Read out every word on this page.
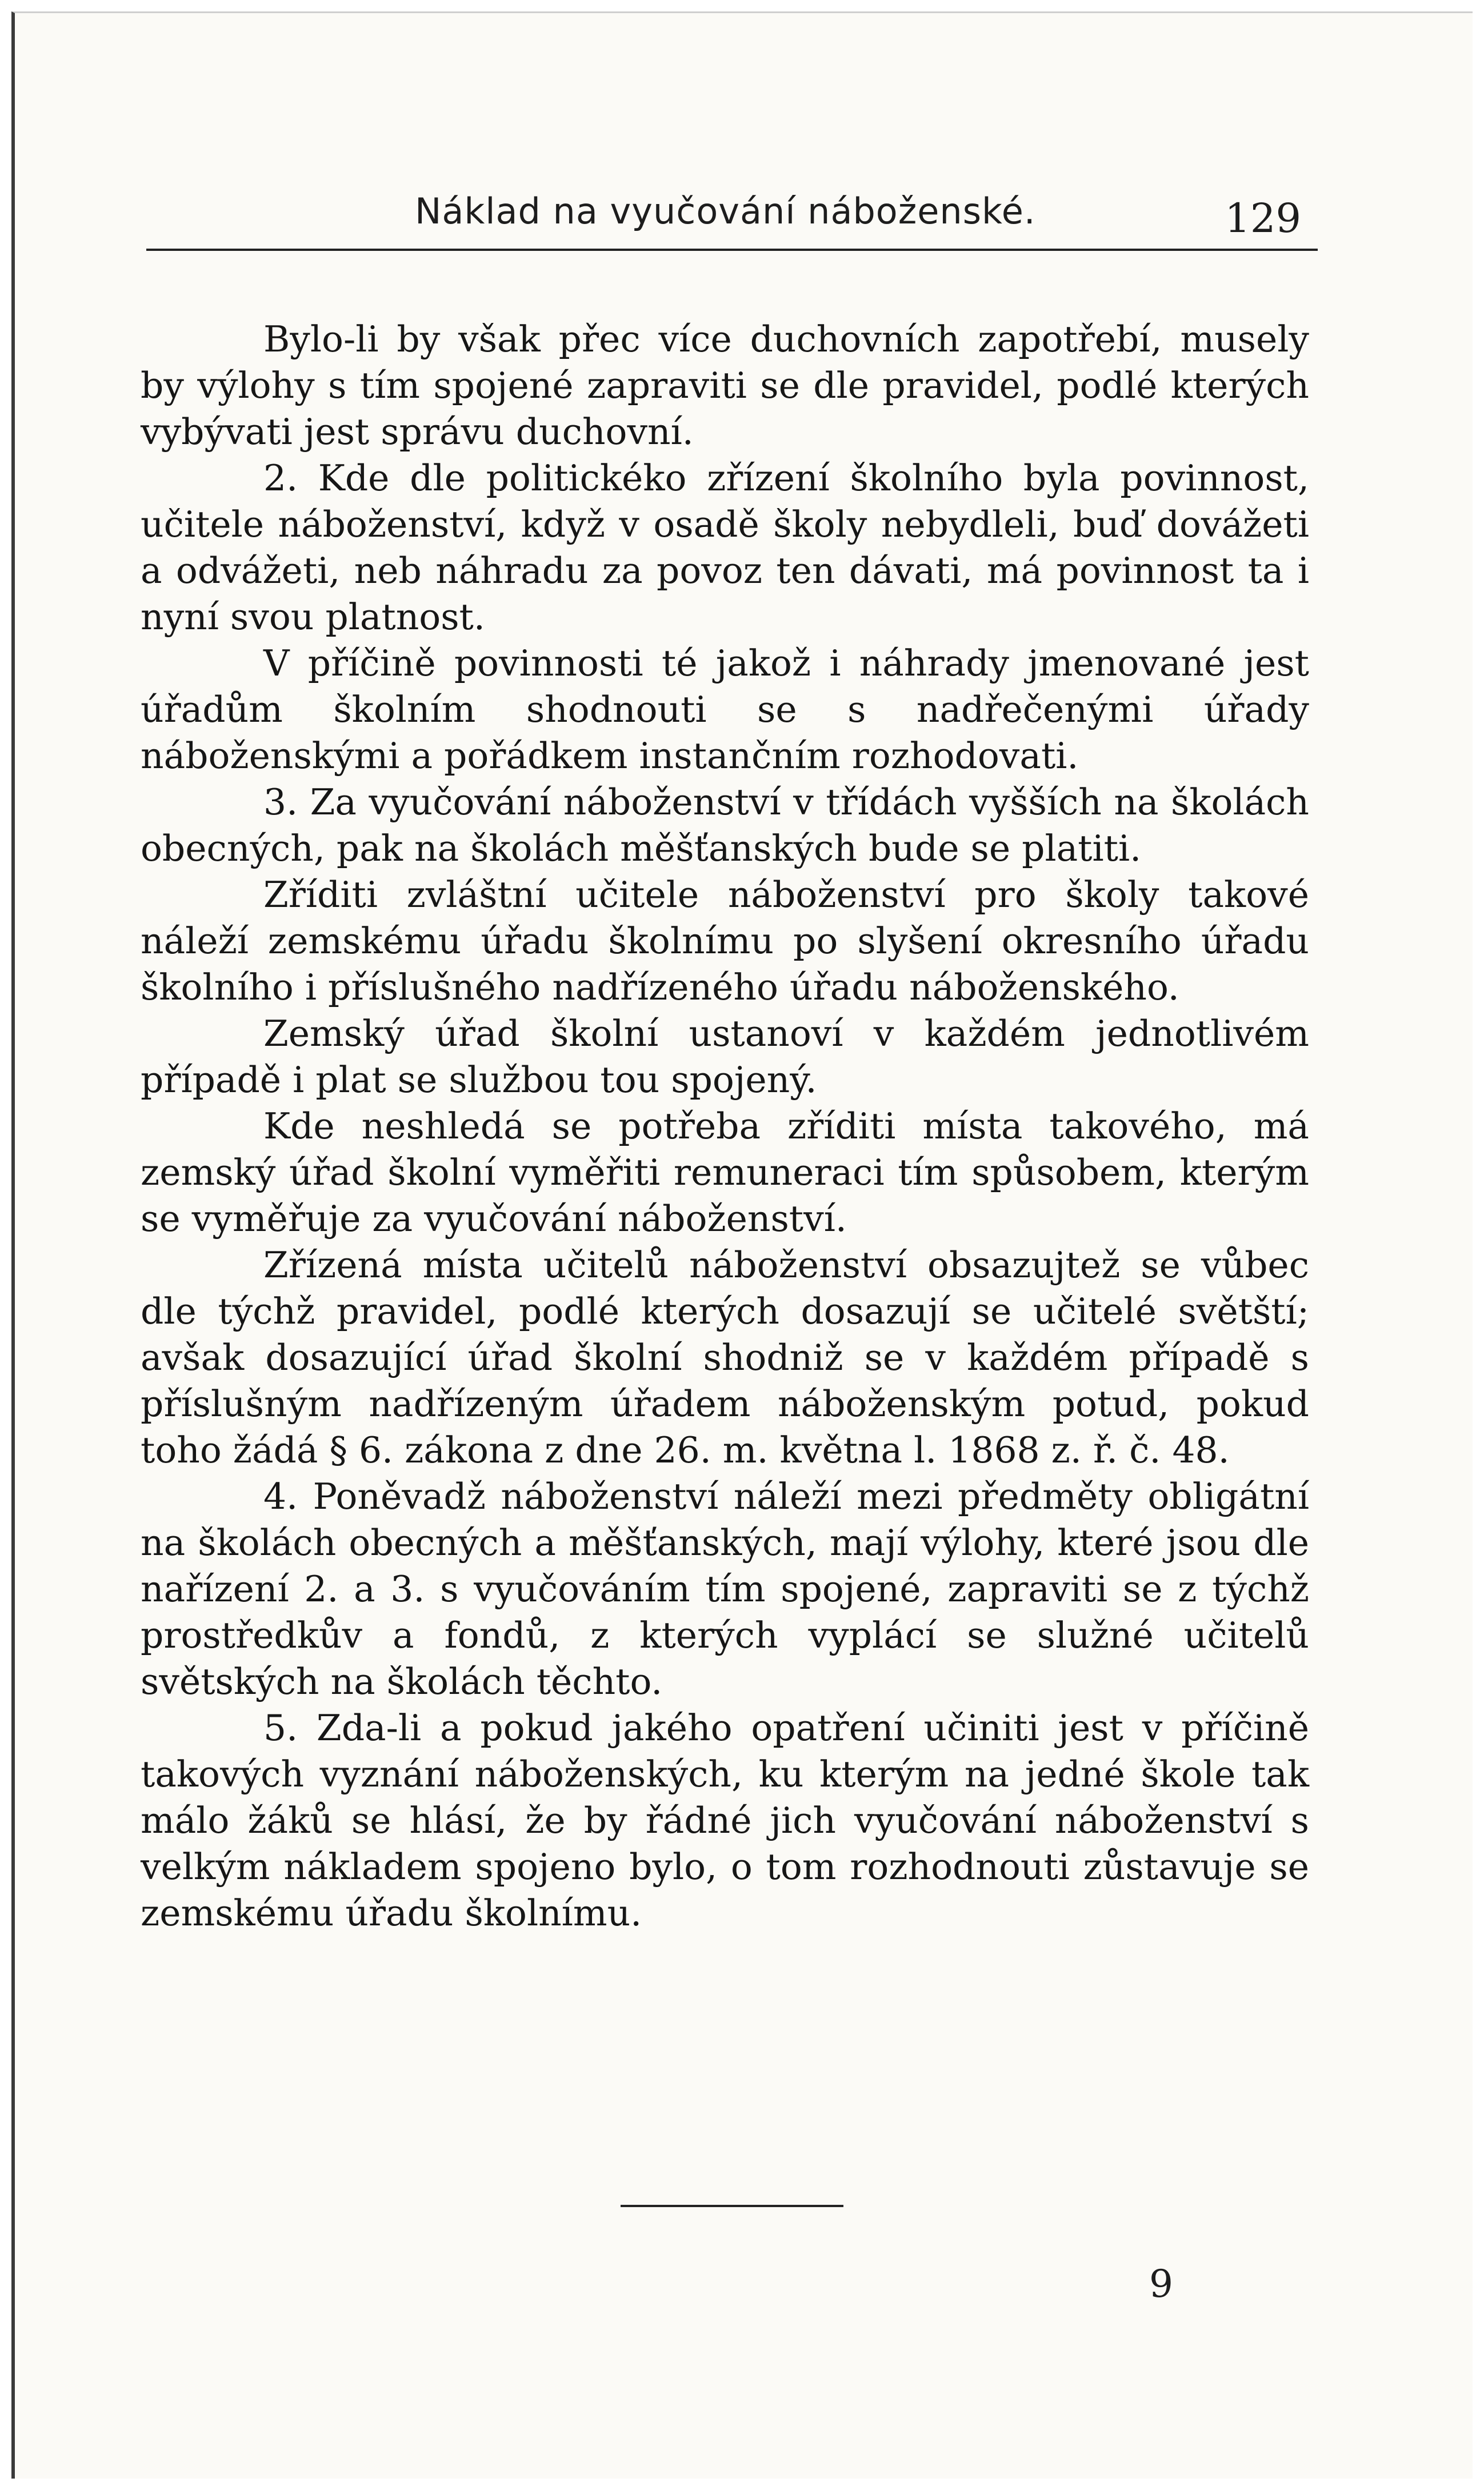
Náklad na vyučování náboženské.	129

Bylo-li by však přec více duchovních zapotřebí, musely by výlohy s tím spojené zapraviti se dle pravidel, podlé kterých vybývati jest správu duchovní.

2. Kde dle politickéko zřízení školního byla povinnost, učitele náboženství, když v osadě školy nebydleli, buď dovážeti a odvážeti, neb náhradu za povoz ten dávati, má povinnost ta i nyní svou platnost.

V příčině povinnosti té jakož i náhrady jmenované jest úřadům školním shodnouti se s nadřečenými úřady náboženskými a pořádkem instančním rozhodovati.

3. Za vyučování náboženství v třídách vyšších na školách obecných, pak na školách měšťanských bude se platiti.

Zříditi zvláštní učitele náboženství pro školy takové náleží zemskému úřadu školnímu po slyšení okresního úřadu školního i příslušného nadřízeného úřadu náboženského.

Zemský úřad školní ustanoví v každém jednotlivém případě i plat se službou tou spojený.

Kde neshledá se potřeba zříditi místa takového, má zemský úřad školní vyměřiti remuneraci tím spůsobem, kterým se vyměřuje za vyučování náboženství.

Zřízená místa učitelů náboženství obsazujtež se vůbec dle týchž pravidel, podlé kterých dosazují se učitelé světští; avšak dosazující úřad školní shodniž se v každém případě s příslušným nadřízeným úřadem náboženským potud, pokud toho žádá § 6. zákona z dne 26. m. května l. 1868 z. ř. č. 48.

4. Poněvadž náboženství náleží mezi předměty obligátní na školách obecných a měšťanských, mají výlohy, které jsou dle nařízení 2. a 3. s vyučováním tím spojené, zapraviti se z týchž prostředkův a fondů, z kterých vyplácí se služné učitelů světských na školách těchto.

5. Zda-li a pokud jakého opatření učiniti jest v příčině takových vyznání náboženských, ku kterým na jedné škole tak málo žáků se hlásí, že by řádné jich vyučování náboženství s velkým nákladem spojeno bylo, o tom rozhodnouti zůstavuje se zemskému úřadu školnímu.

9
